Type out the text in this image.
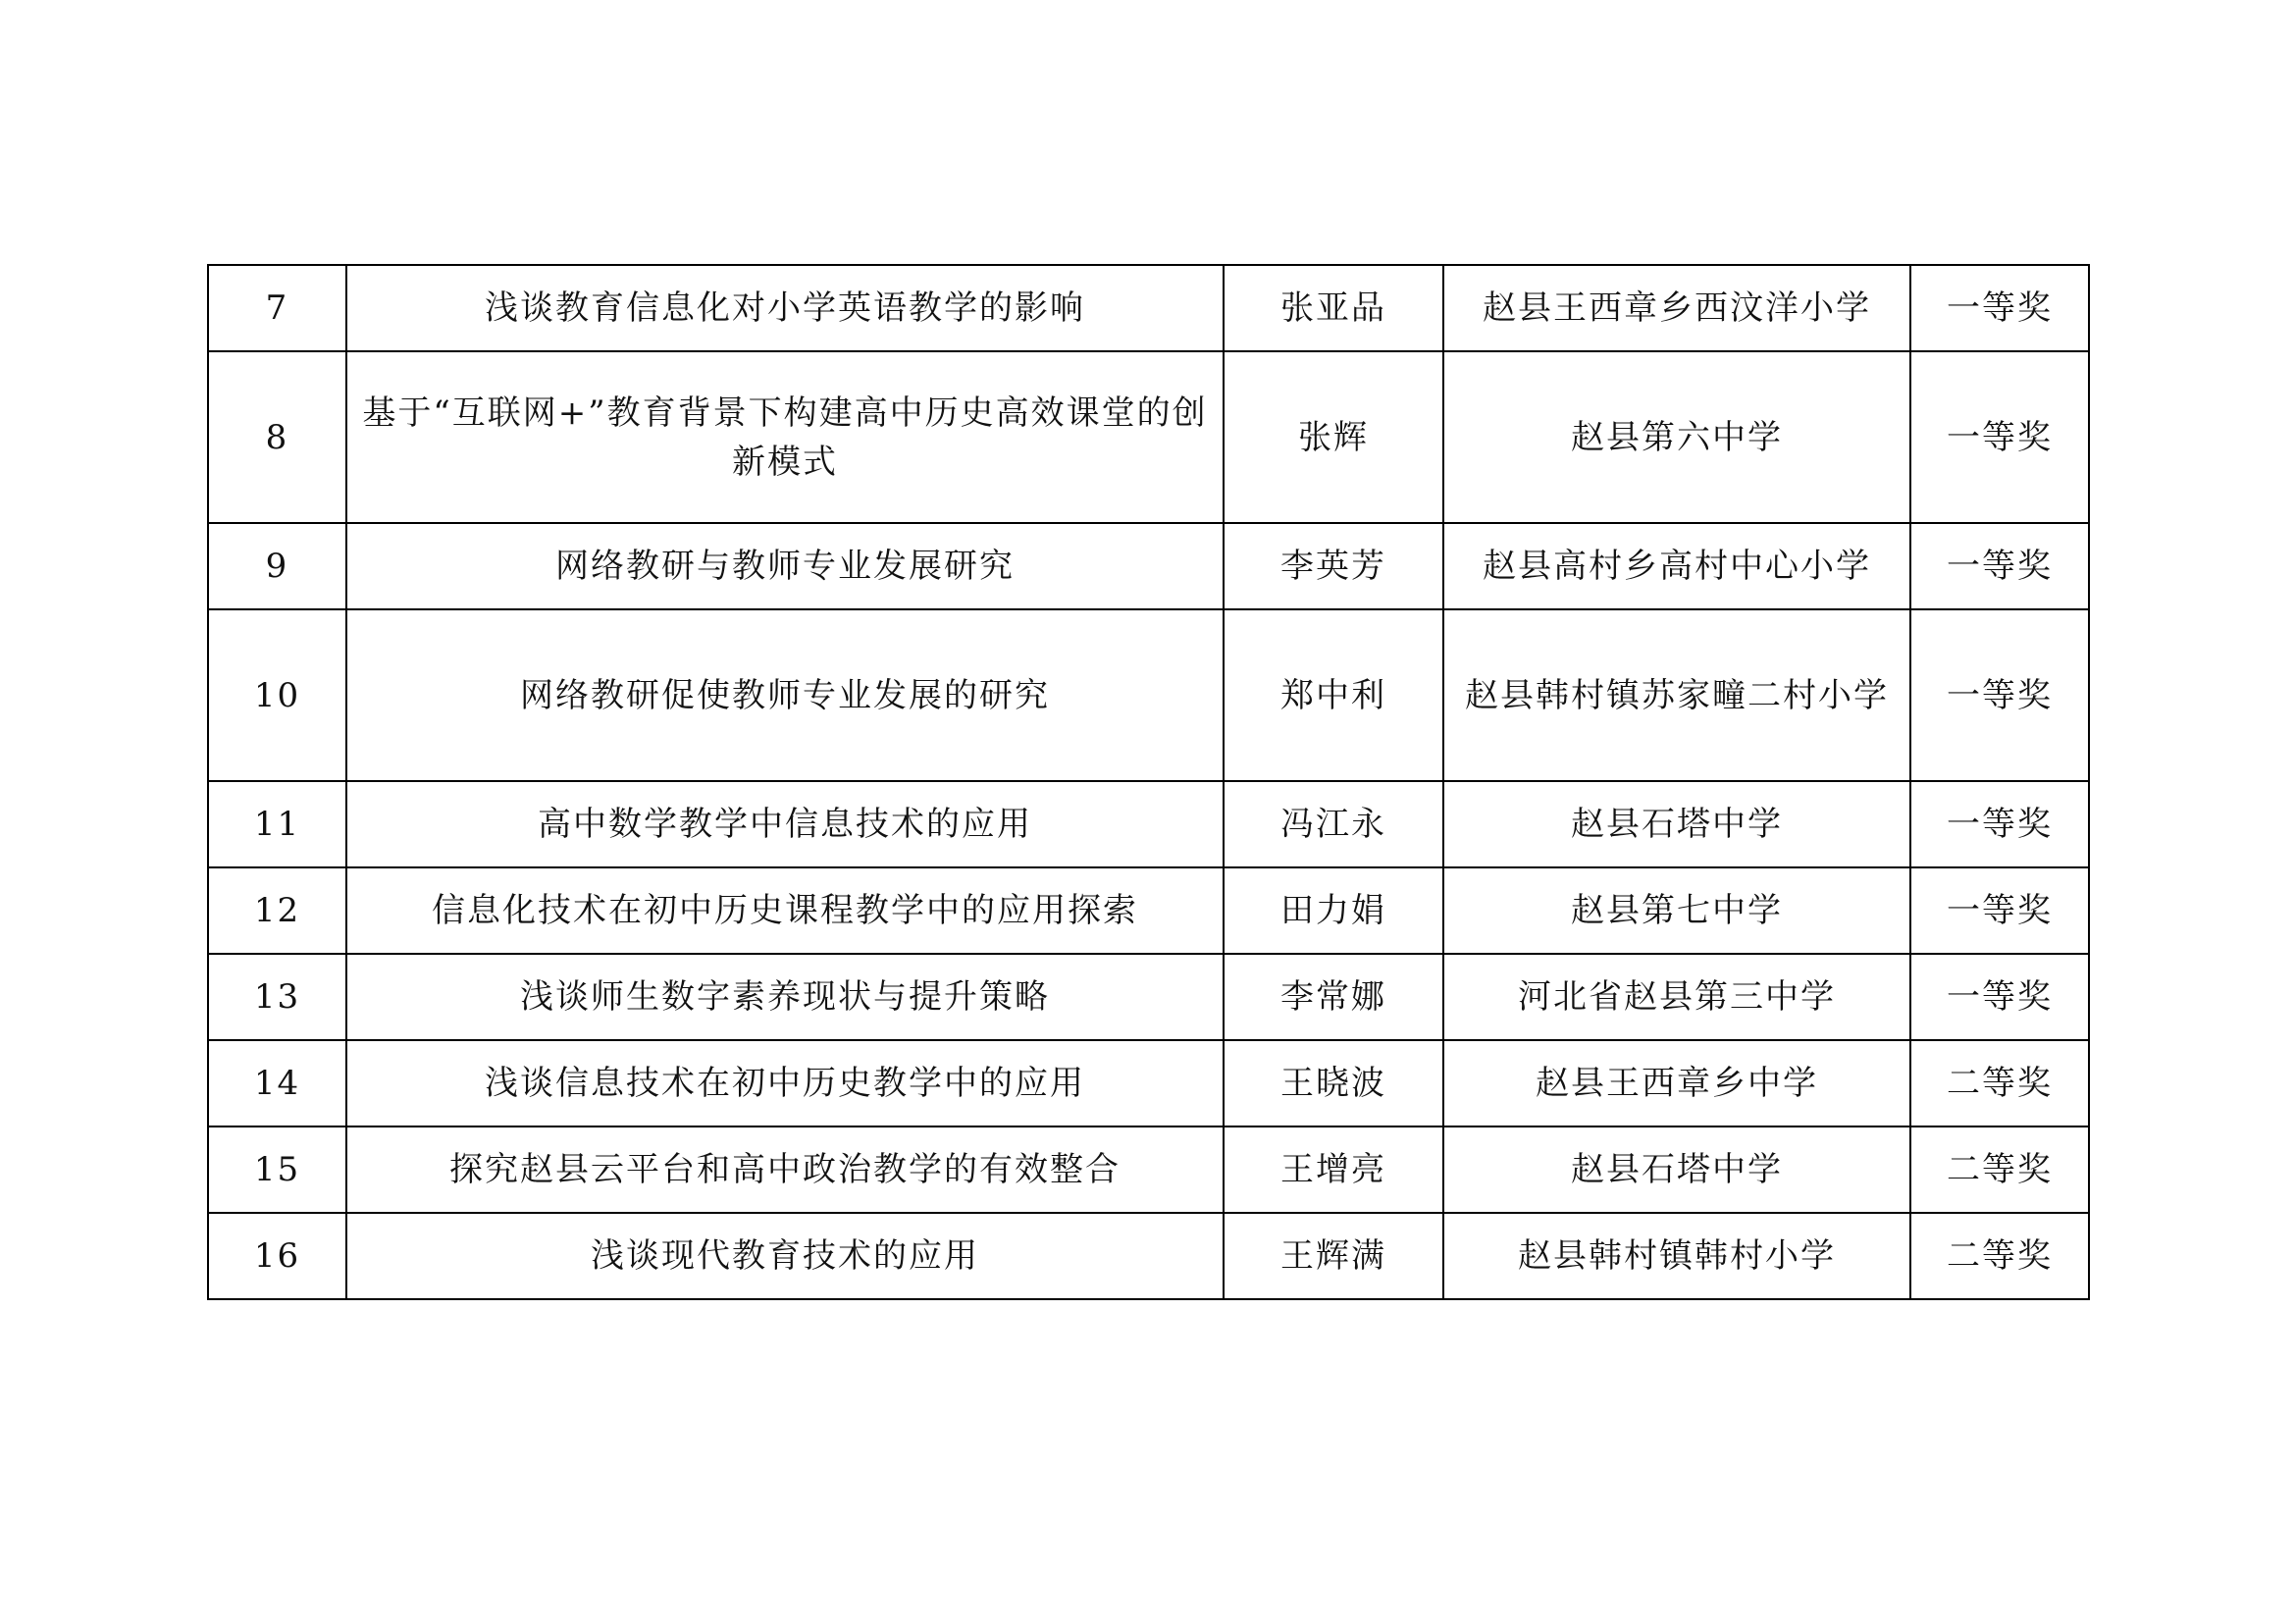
7	浅谈教育信息化对小学英语教学的影响	张亚品	赵县王西章乡西汶洋小学	一等奖
8	基于“互联网+”教育背景下构建高中历史高效课堂的创新模式	张辉	赵县第六中学	一等奖
9	网络教研与教师专业发展研究	李英芳	赵县高村乡高村中心小学	一等奖
10	网络教研促使教师专业发展的研究	郑中利	赵县韩村镇苏家疃二村小学	一等奖
11	高中数学教学中信息技术的应用	冯江永	赵县石塔中学	一等奖
12	信息化技术在初中历史课程教学中的应用探索	田力娟	赵县第七中学	一等奖
13	浅谈师生数字素养现状与提升策略	李常娜	河北省赵县第三中学	一等奖
14	浅谈信息技术在初中历史教学中的应用	王晓波	赵县王西章乡中学	二等奖
15	探究赵县云平台和高中政治教学的有效整合	王增亮	赵县石塔中学	二等奖
16	浅谈现代教育技术的应用	王辉满	赵县韩村镇韩村小学	二等奖
